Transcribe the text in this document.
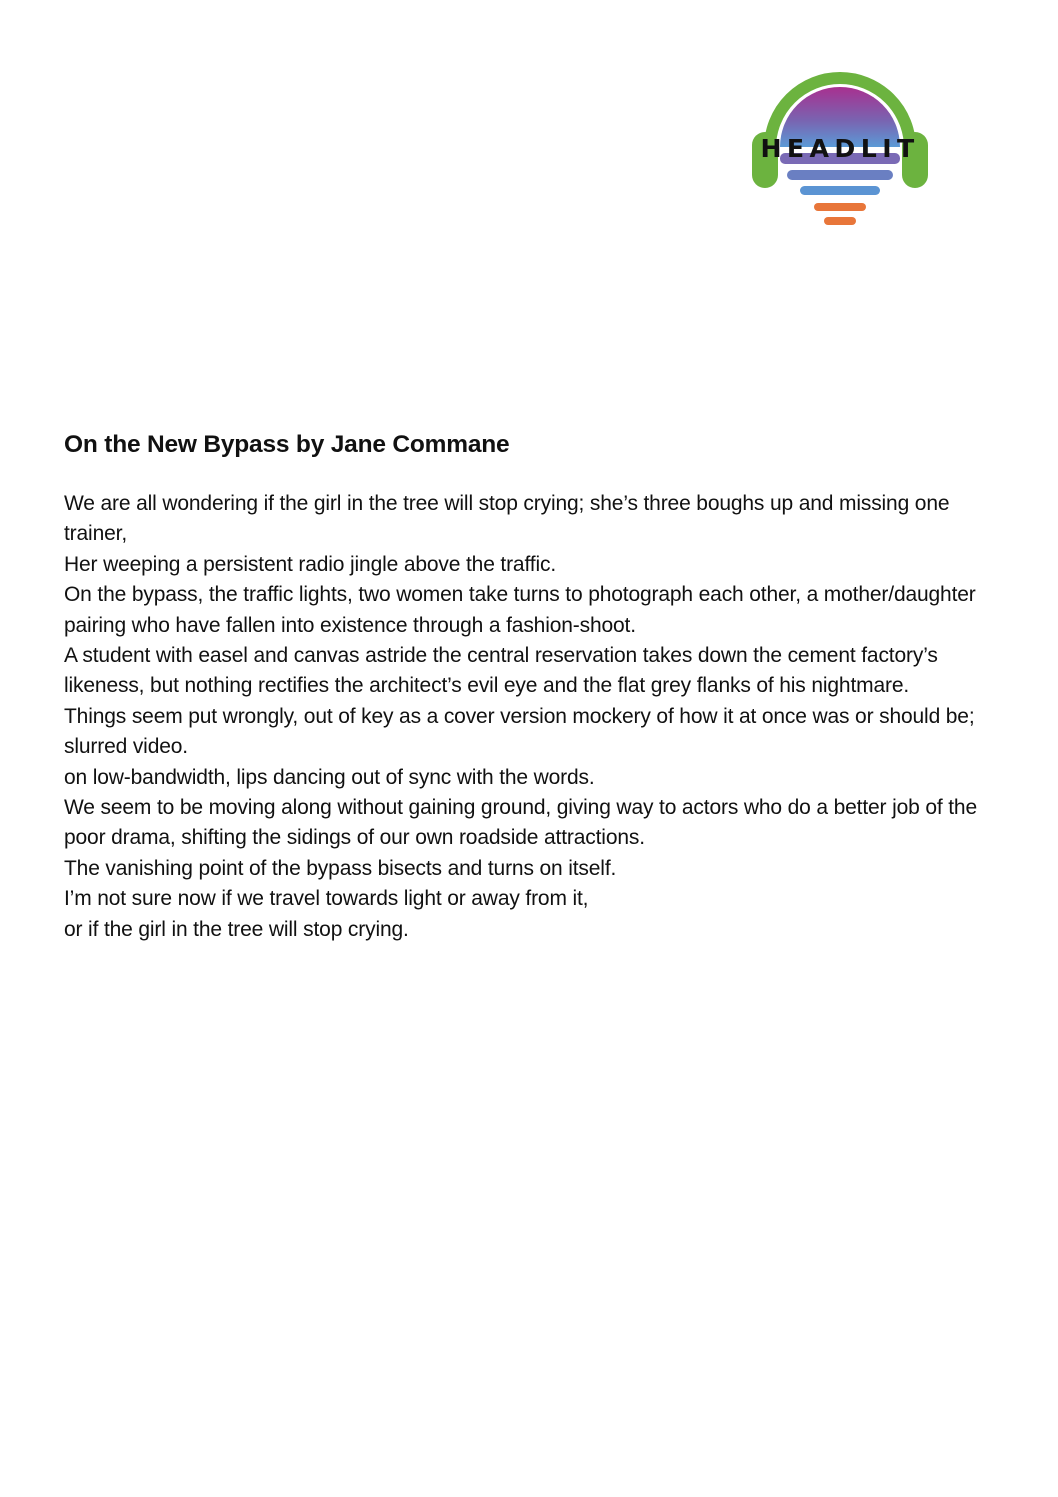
HEADLIT
On the New Bypass by Jane Commane
We are all wondering if the girl in the tree will stop crying; she’s three boughs up and missing one trainer,
Her weeping a persistent radio jingle above the traffic.
On the bypass, the traffic lights, two women take turns to photograph each other, a mother/daughter pairing who have fallen into existence through a fashion-shoot.
A student with easel and canvas astride the central reservation takes down the cement factory’s likeness, but nothing rectifies the architect’s evil eye and the flat grey flanks of his nightmare.
Things seem put wrongly, out of key as a cover version mockery of how it at once was or should be; slurred video.
on low-bandwidth, lips dancing out of sync with the words.
We seem to be moving along without gaining ground, giving way to actors who do a better job of the poor drama, shifting the sidings of our own roadside attractions.
The vanishing point of the bypass bisects and turns on itself.
I’m not sure now if we travel towards light or away from it,
or if the girl in the tree will stop crying.
